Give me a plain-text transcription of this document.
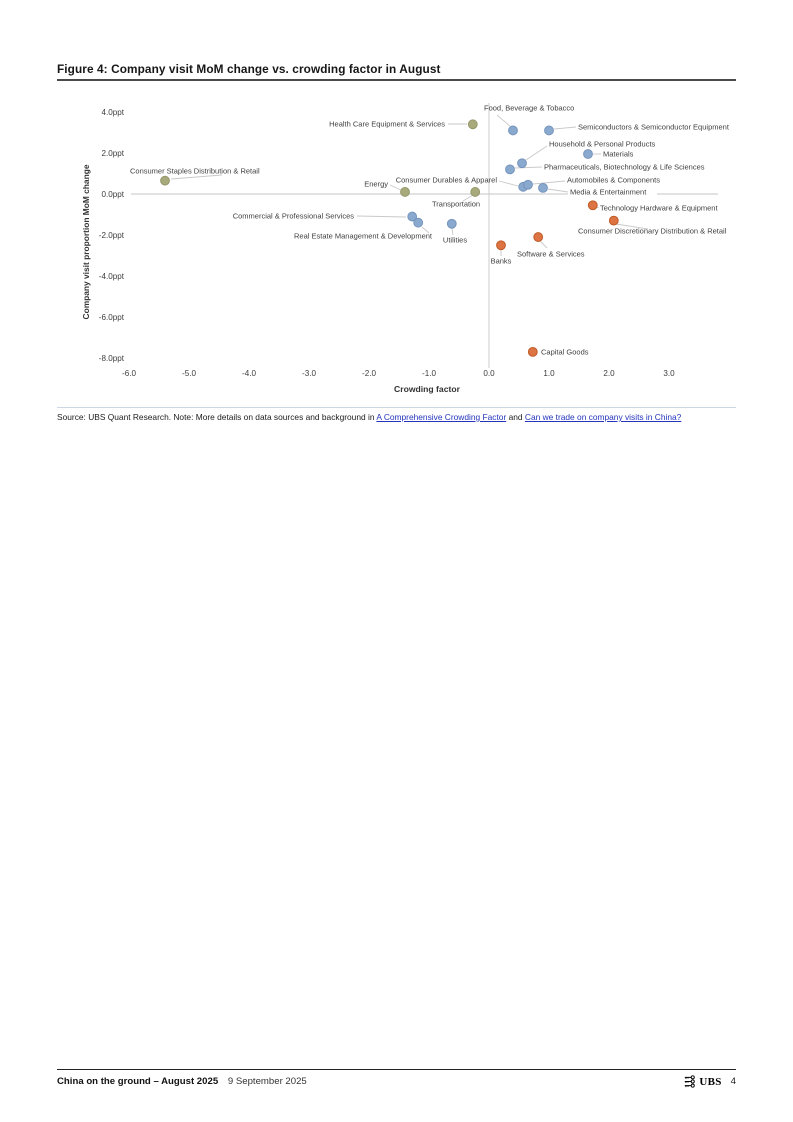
Figure 4: Company visit MoM change vs. crowding factor in August
4.0ppt
2.0ppt
0.0ppt
-2.0ppt
-4.0ppt
-6.0ppt
-8.0ppt
-6.0	-5.0	-4.0	-3.0	-2.0	-1.0	0.0	1.0	2.0	3.0
Company visit proportion MoM change
Crowding factor
Consumer Staples Distribution & Retail
Energy
Transportation
Health Care Equipment & Services
Food, Beverage & Tobacco
Semiconductors & Semiconductor Equipment
Household & Personal Products
Materials
Pharmaceuticals, Biotechnology & Life Sciences
Consumer Durables & Apparel	Automobiles & Components
Media & Entertainment
Commercial & Professional Services
Real Estate Management & Development Utilities
Technology Hardware & Equipment
Consumer Discretionary Distribution & Retail
Banks
Software & Services
Capital Goods
Source: UBS Quant Research. Note: More details on data sources and background in A Comprehensive Crowding Factor and Can we trade on company visits in China?
China on the ground – August 2025 9 September 2025	UBS 4
